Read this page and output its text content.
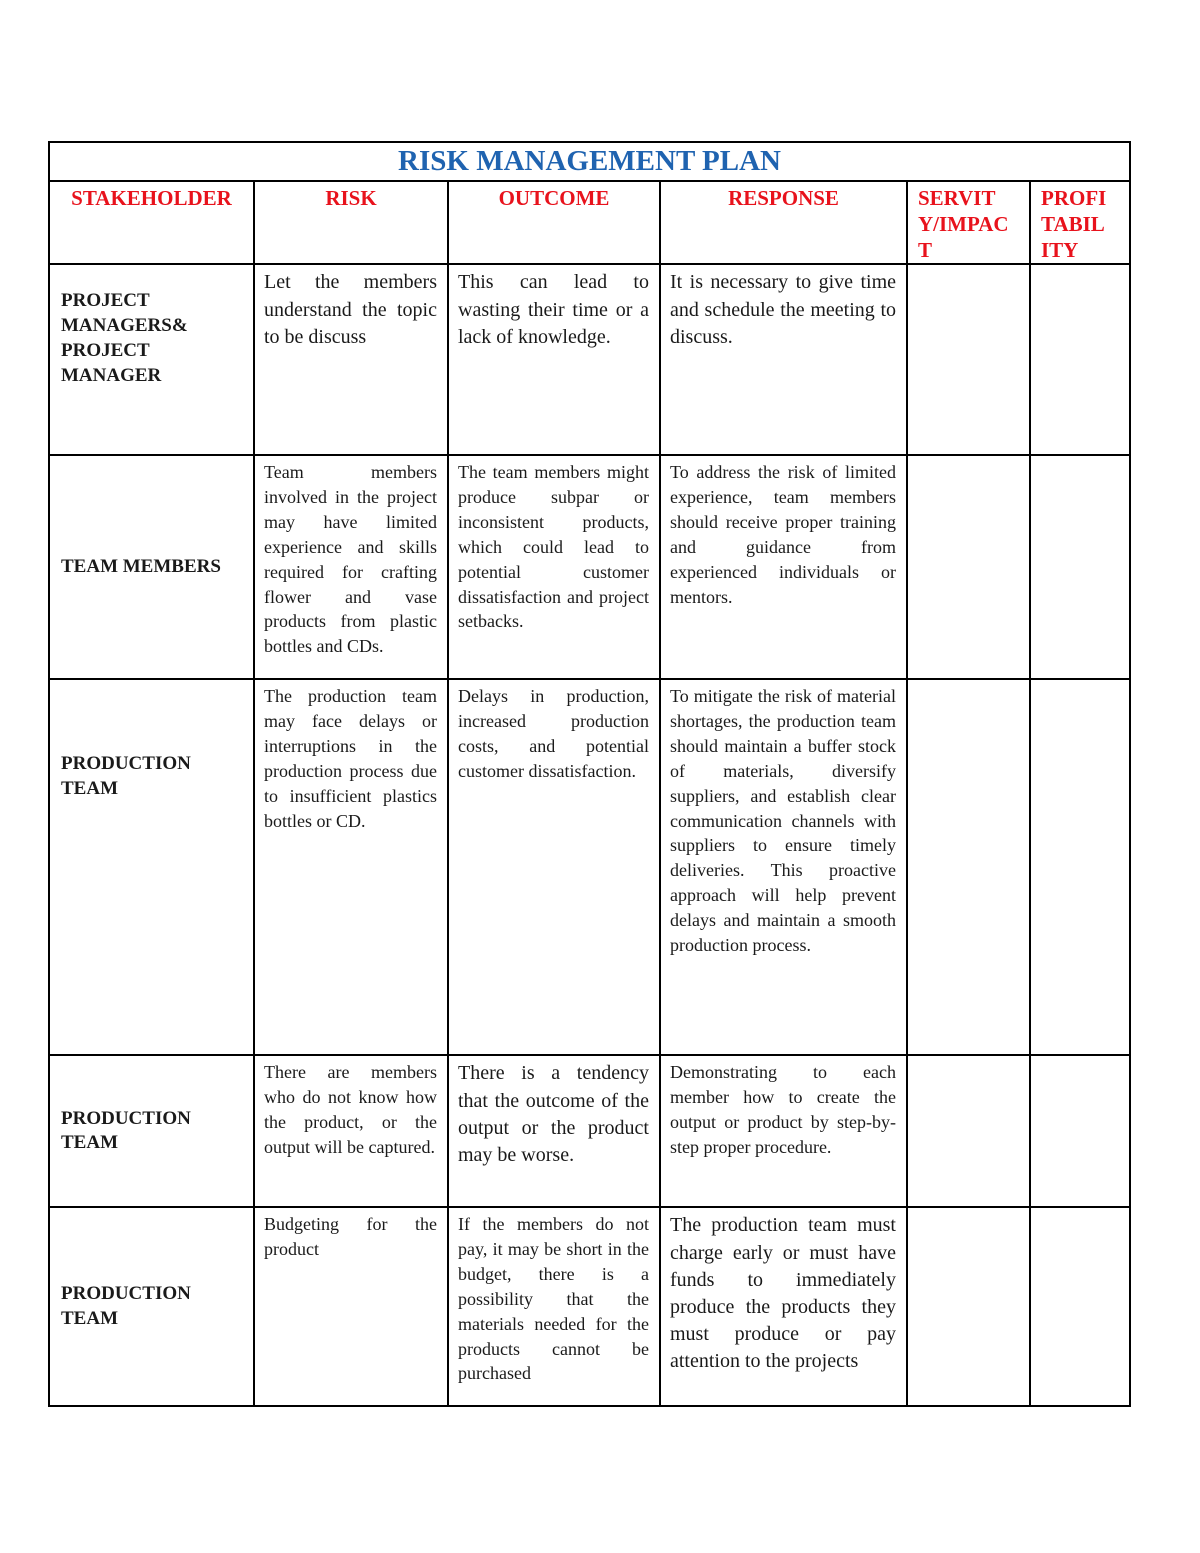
RISK MANAGEMENT PLAN					
STAKEHOLDER	RISK	OUTCOME	RESPONSE	SERVIT Y/IMPAC T	PROFI TABIL ITY
PROJECT MANAGERS& PROJECT MANAGER	Let the members understand the topic to be discuss	This can lead to wasting their time or a lack of knowledge.	It is necessary to give time and schedule the meeting to discuss.		
TEAM MEMBERS	Team members involved in the project may have limited experience and skills required for crafting flower and vase products from plastic bottles and CDs.	The team members might produce subpar or inconsistent products, which could lead to potential customer dissatisfaction and project setbacks.	To address the risk of limited experience, team members should receive proper training and guidance from experienced individuals or mentors.		
PRODUCTION TEAM	The production team may face delays or interruptions in the production process due to insufficient plastics bottles or CD.	Delays in production, increased production costs, and potential customer dissatisfaction.	To mitigate the risk of material shortages, the production team should maintain a buffer stock of materials, diversify suppliers, and establish clear communication channels with suppliers to ensure timely deliveries. This proactive approach will help prevent delays and maintain a smooth production process.		
PRODUCTION TEAM	There are members who do not know how the product, or the output will be captured.	There is a tendency that the outcome of the output or the product may be worse.	Demonstrating to each member how to create the output or product by step-by-step proper procedure.		
PRODUCTION TEAM	Budgeting for the product	If the members do not pay, it may be short in the budget, there is a possibility that the materials needed for the products cannot be purchased	The production team must charge early or must have funds to immediately produce the products they must produce or pay attention to the projects		
